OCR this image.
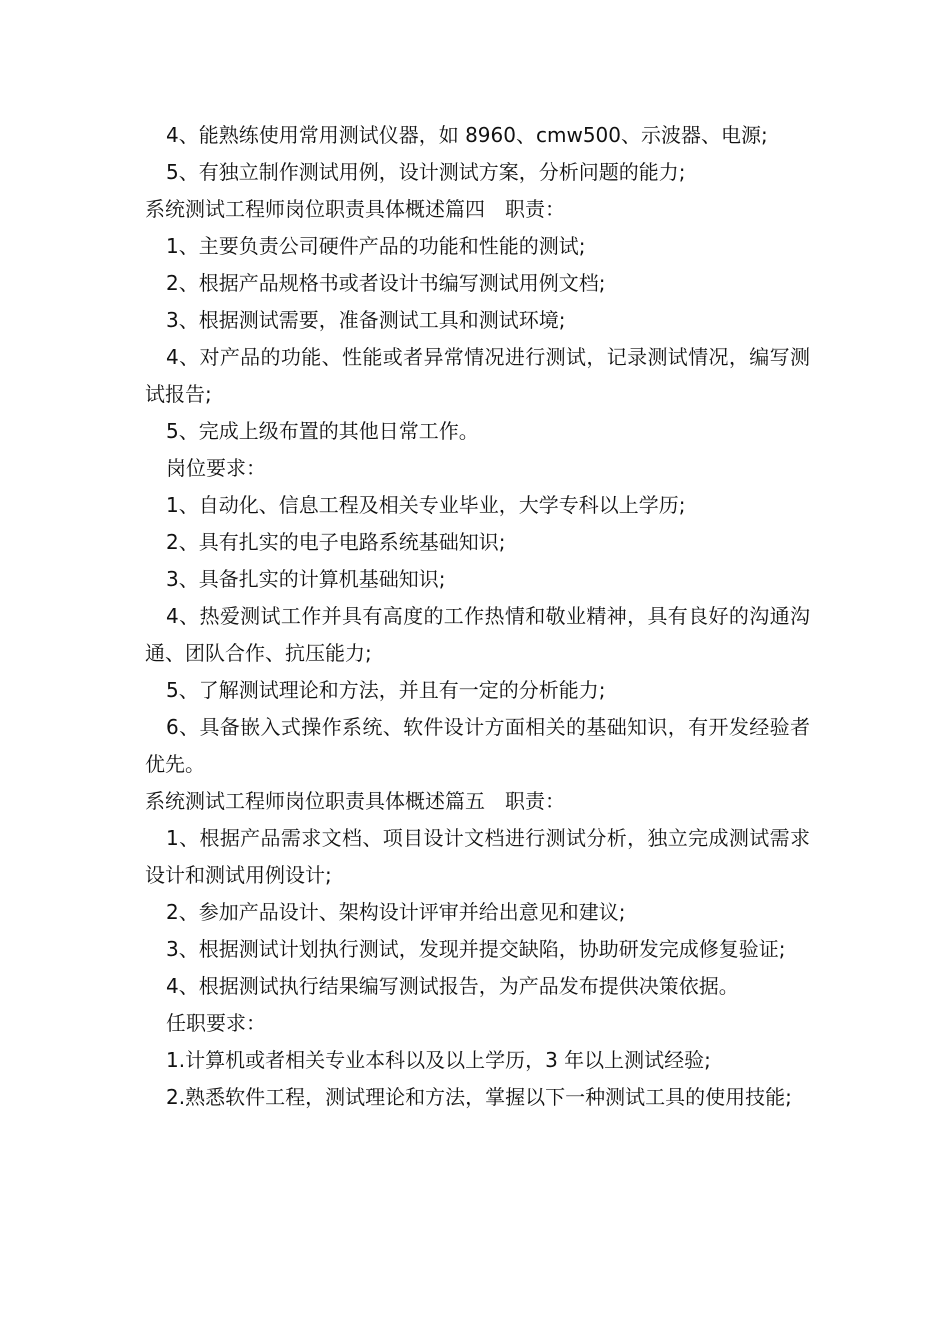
4、能熟练使用常用测试仪器，如 8960、cmw500、示波器、电源;

5、有独立制作测试用例，设计测试方案，分析问题的能力;

系统测试工程师岗位职责具体概述篇四　职责：

1、主要负责公司硬件产品的功能和性能的测试;

2、根据产品规格书或者设计书编写测试用例文档;

3、根据测试需要，准备测试工具和测试环境;

4、对产品的功能、性能或者异常情况进行测试，记录测试情况，编写测试报告;

5、完成上级布置的其他日常工作。

岗位要求：

1、自动化、信息工程及相关专业毕业，大学专科以上学历;

2、具有扎实的电子电路系统基础知识;

3、具备扎实的计算机基础知识;

4、热爱测试工作并具有高度的工作热情和敬业精神，具有良好的沟通沟通、团队合作、抗压能力;

5、了解测试理论和方法，并且有一定的分析能力;

6、具备嵌入式操作系统、软件设计方面相关的基础知识，有开发经验者优先。

系统测试工程师岗位职责具体概述篇五　职责：

1、根据产品需求文档、项目设计文档进行测试分析，独立完成测试需求设计和测试用例设计;

2、参加产品设计、架构设计评审并给出意见和建议;

3、根据测试计划执行测试，发现并提交缺陷，协助研发完成修复验证;

4、根据测试执行结果编写测试报告，为产品发布提供决策依据。

任职要求：

1.计算机或者相关专业本科以及以上学历，3 年以上测试经验;

2.熟悉软件工程，测试理论和方法，掌握以下一种测试工具的使用技能;
